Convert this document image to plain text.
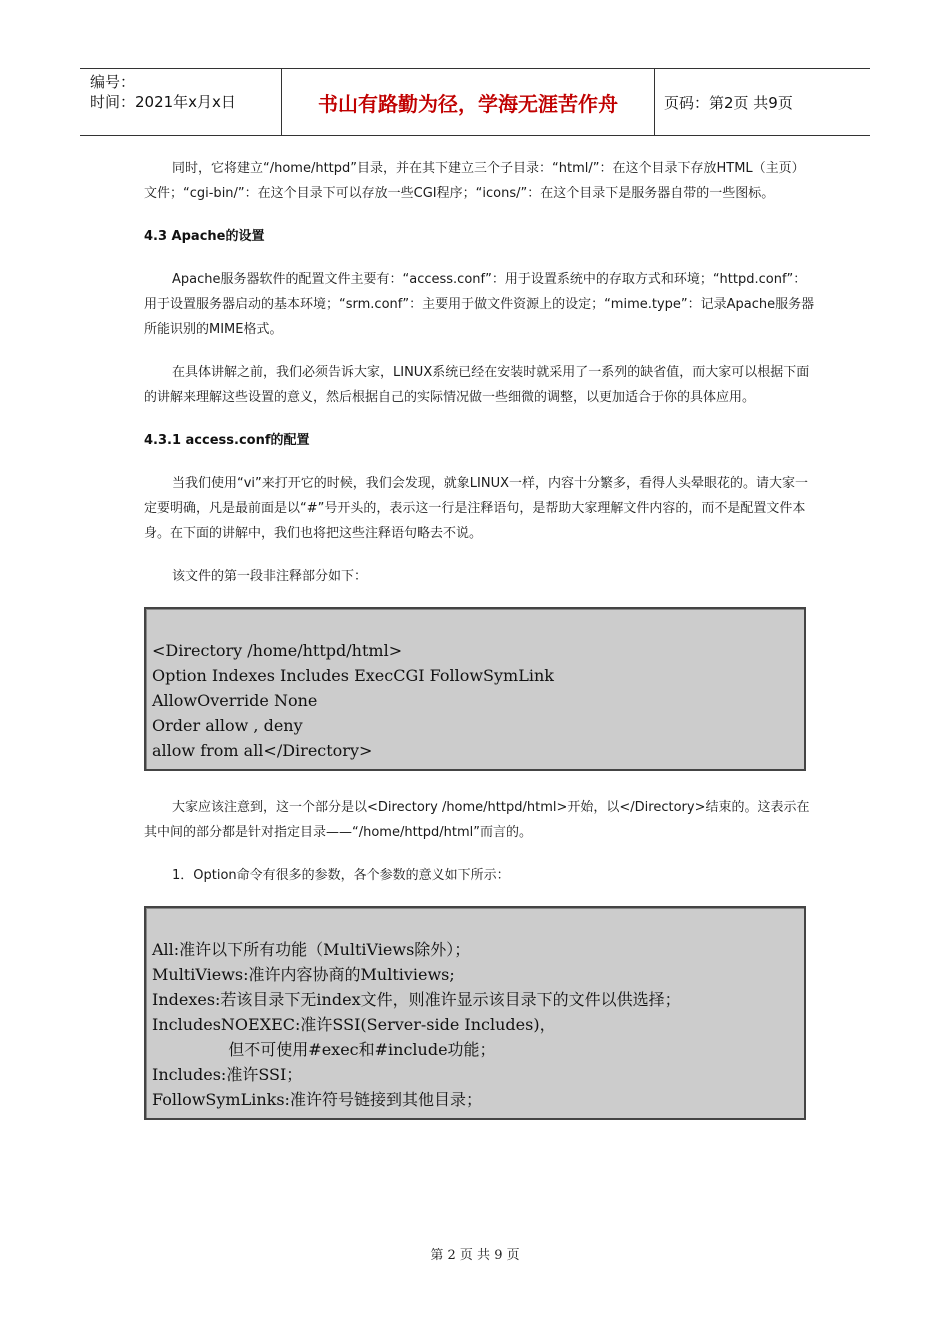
编号：
时间：2021年x月x日	书山有路勤为径，学海无涯苦作舟	页码：第2页 共9页

同时，它将建立“/home/httpd”目录，并在其下建立三个子目录：“html/”：在这个目录下存放HTML（主页）文件；“cgi-bin/”：在这个目录下可以存放一些CGI程序；“icons/”：在这个目录下是服务器自带的一些图标。

4.3 Apache的设置

Apache服务器软件的配置文件主要有：“access.conf”：用于设置系统中的存取方式和环境；“httpd.conf”：用于设置服务器启动的基本环境；“srm.conf”：主要用于做文件资源上的设定；“mime.type”：记录Apache服务器所能识别的MIME格式。

在具体讲解之前，我们必须告诉大家，LINUX系统已经在安装时就采用了一系列的缺省值，而大家可以根据下面的讲解来理解这些设置的意义，然后根据自己的实际情况做一些细微的调整，以更加适合于你的具体应用。

4.3.1 access.conf的配置

当我们使用“vi”来打开它的时候，我们会发现，就象LINUX一样，内容十分繁多，看得人头晕眼花的。请大家一定要明确，凡是最前面是以“#”号开头的，表示这一行是注释语句，是帮助大家理解文件内容的，而不是配置文件本身。在下面的讲解中，我们也将把这些注释语句略去不说。

该文件的第一段非注释部分如下：

<Directory /home/httpd/html>
Option Indexes Includes ExecCGI FollowSymLink
AllowOverride None
Order allow , deny
allow from all</Directory>

大家应该注意到，这一个部分是以<Directory /home/httpd/html>开始，以</Directory>结束的。这表示在其中间的部分都是针对指定目录——“/home/httpd/html”而言的。

1．Option命令有很多的参数，各个参数的意义如下所示：

All:准许以下所有功能（MultiViews除外）；
MultiViews:准许内容协商的Multiviews;
Indexes:若该目录下无index文件，则准许显示该目录下的文件以供选择；
IncludesNOEXEC:准许SSI(Server-side Includes)，
但不可使用#exec和#include功能；
Includes:准许SSI；
FollowSymLinks:准许符号链接到其他目录；
第 2 页 共 9 页
